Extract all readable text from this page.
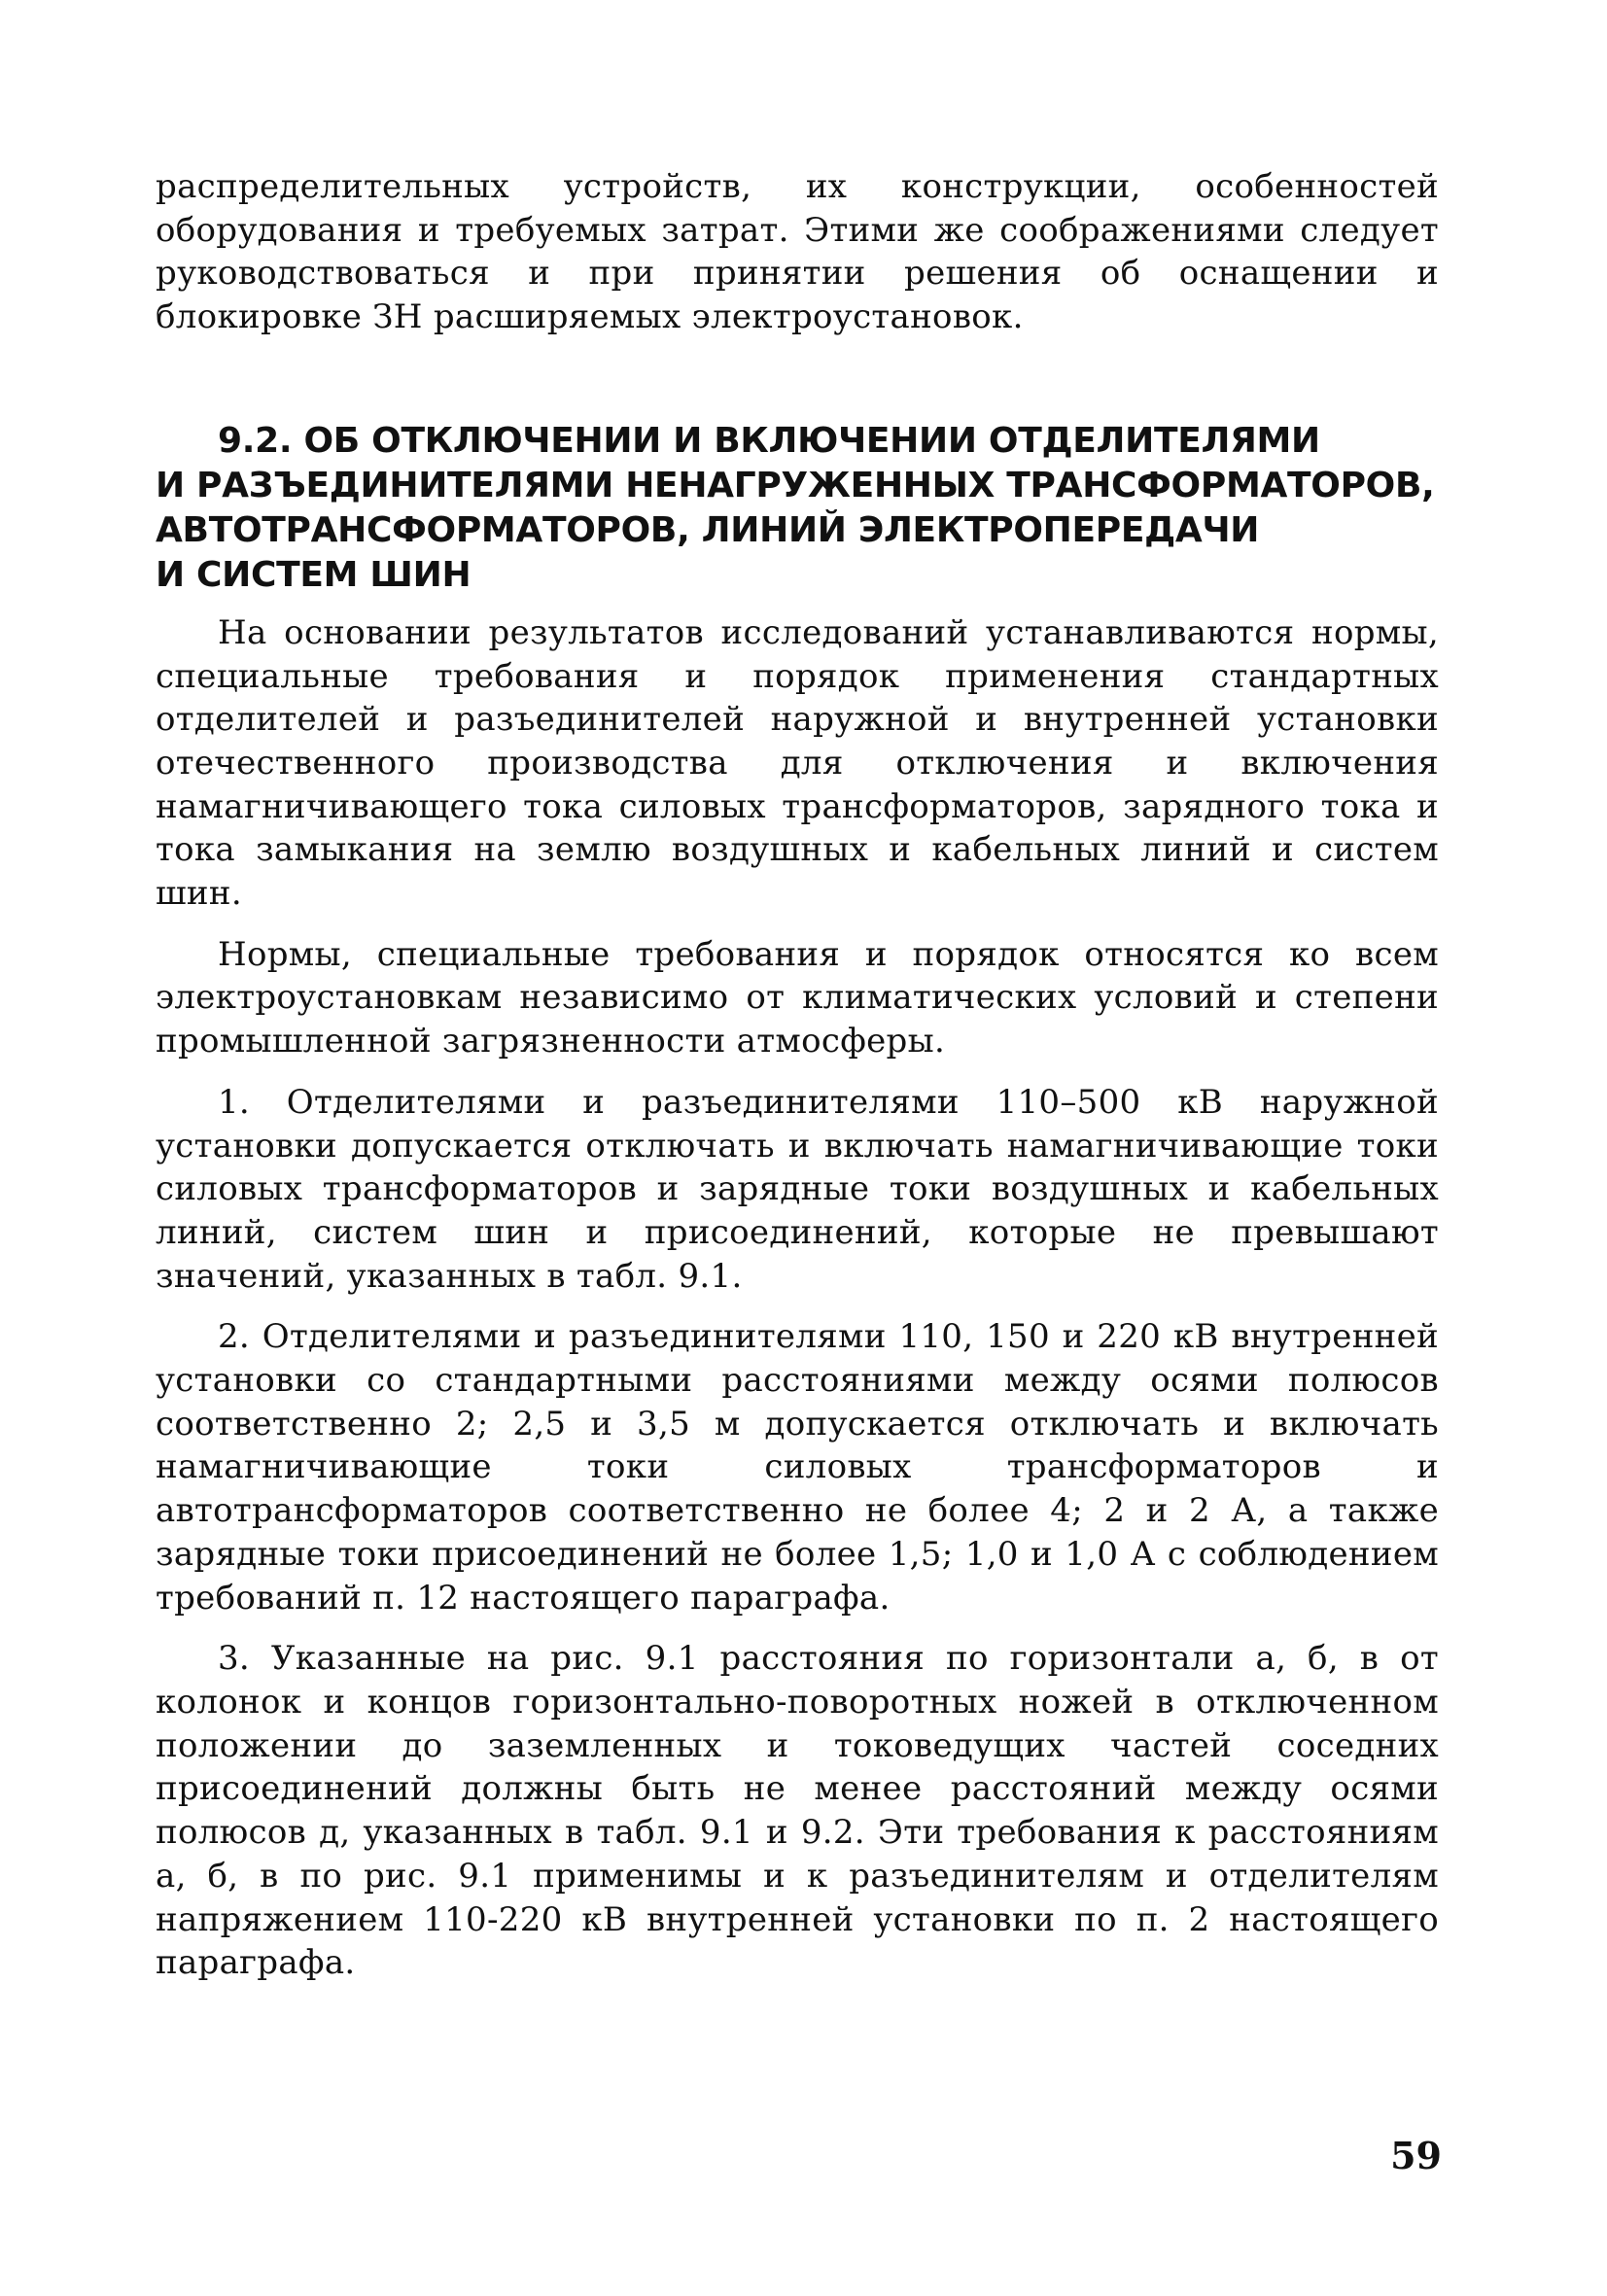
распределительных устройств, их конструкции, особенностей оборудования и требуемых затрат. Этими же соображениями следует руководствоваться и при принятии решения об оснащении и блокировке ЗН расширяемых электроустановок.

9.2. ОБ ОТКЛЮЧЕНИИ И ВКЛЮЧЕНИИ ОТДЕЛИТЕЛЯМИ
И РАЗЪЕДИНИТЕЛЯМИ НЕНАГРУЖЕННЫХ ТРАНСФОРМАТОРОВ,
АВТОТРАНСФОРМАТОРОВ, ЛИНИЙ ЭЛЕКТРОПЕРЕДАЧИ
И СИСТЕМ ШИН

На основании результатов исследований устанавливаются нормы, специальные требования и порядок применения стандартных отделителей и разъединителей наружной и внутренней установки отечественного производства для отключения и включения намагничивающего тока силовых трансформаторов, зарядного тока и тока замыкания на землю воздушных и кабельных линий и систем шин.

Нормы, специальные требования и порядок относятся ко всем электроустановкам независимо от климатических условий и степени промышленной загрязненности атмосферы.

1. Отделителями и разъединителями 110–500 кВ наружной установки допускается отключать и включать намагничивающие токи силовых трансформаторов и зарядные токи воздушных и кабельных линий, систем шин и присоединений, которые не превышают значений, указанных в табл. 9.1.

2. Отделителями и разъединителями 110, 150 и 220 кВ внутренней установки со стандартными расстояниями между осями полюсов соответственно 2; 2,5 и 3,5 м допускается отключать и включать намагничивающие токи силовых трансформаторов и автотрансформаторов соответственно не более 4; 2 и 2 А, а также зарядные токи присоединений не более 1,5; 1,0 и 1,0 А с соблюдением требований п. 12 настоящего параграфа.

3. Указанные на рис. 9.1 расстояния по горизонтали а, б, в от колонок и концов горизонтально-поворотных ножей в отключенном положении до заземленных и токоведущих частей соседних присоединений должны быть не менее расстояний между осями полюсов д, указанных в табл. 9.1 и 9.2. Эти требования к расстояниям а, б, в по рис. 9.1 применимы и к разъединителям и отделителям напряжением 110-220 кВ внутренней установки по п. 2 настоящего параграфа.

59
